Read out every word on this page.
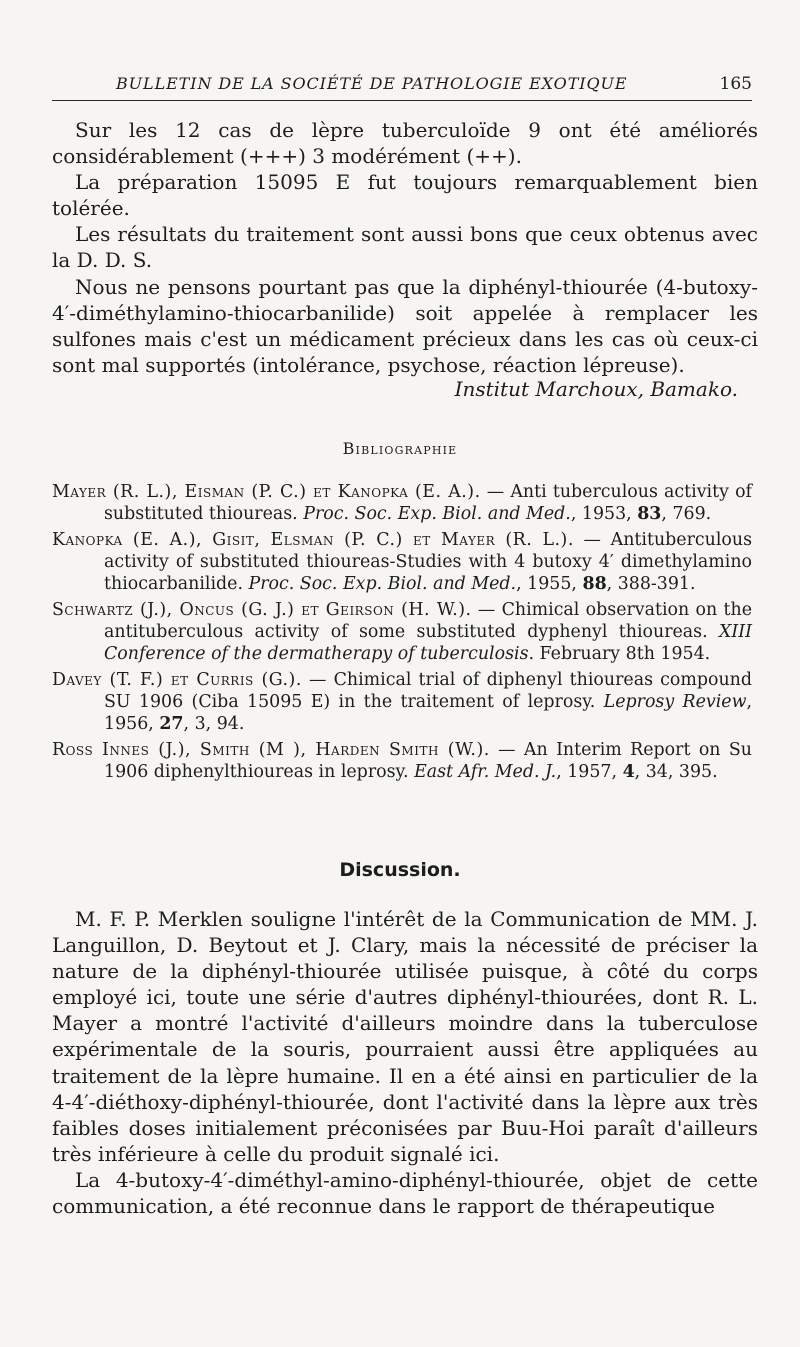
BULLETIN DE LA SOCIÉTÉ DE PATHOLOGIE EXOTIQUE	165

Sur les 12 cas de lèpre tuberculoïde 9 ont été améliorés considérablement (+++) 3 modérément (++).

La préparation 15095 E fut toujours remarquablement bien tolérée.

Les résultats du traitement sont aussi bons que ceux obtenus avec la D. D. S.

Nous ne pensons pourtant pas que la diphényl-thiourée (4-butoxy-4′-diméthylamino-thiocarbanilide) soit appelée à remplacer les sulfones mais c'est un médicament précieux dans les cas où ceux-ci sont mal supportés (intolérance, psychose, réaction lépreuse).

Institut Marchoux, Bamako.
Bibliographie

Mayer (R. L.), Eisman (P. C.) et Kanopka (E. A.). — Anti tuberculous activity of substituted thioureas. Proc. Soc. Exp. Biol. and Med., 1953, 83, 769.

Kanopka (E. A.), Gisit, Elsman (P. C.) et Mayer (R. L.). — Antituberculous activity of substituted thioureas-Studies with 4 butoxy 4′ dimethylamino thiocarbanilide. Proc. Soc. Exp. Biol. and Med., 1955, 88, 388-391.

Schwartz (J.), Oncus (G. J.) et Geirson (H. W.). — Chimical observation on the antituberculous activity of some substituted dyphenyl thioureas. XIII Conference of the dermatherapy of tuberculosis. February 8th 1954.

Davey (T. F.) et Curris (G.). — Chimical trial of diphenyl thioureas compound SU 1906 (Ciba 15095 E) in the traitement of leprosy. Leprosy Review, 1956, 27, 3, 94.

Ross Innes (J.), Smith (M ), Harden Smith (W.). — An Interim Report on Su 1906 diphenylthioureas in leprosy. East Afr. Med. J., 1957, 4, 34, 395.

Discussion.

M. F. P. Merklen souligne l'intérêt de la Communication de MM. J. Languillon, D. Beytout et J. Clary, mais la nécessité de préciser la nature de la diphényl-thiourée utilisée puisque, à côté du corps employé ici, toute une série d'autres diphényl-thiourées, dont R. L. Mayer a montré l'activité d'ailleurs moindre dans la tuberculose expérimentale de la souris, pourraient aussi être appliquées au traitement de la lèpre humaine. Il en a été ainsi en particulier de la 4-4′-diéthoxy-diphényl-thiourée, dont l'activité dans la lèpre aux très faibles doses initialement préconisées par Buu-Hoi paraît d'ailleurs très inférieure à celle du produit signalé ici.

La 4-butoxy-4′-diméthyl-amino-diphényl-thiourée, objet de cette communication, a été reconnue dans le rapport de thérapeutique
